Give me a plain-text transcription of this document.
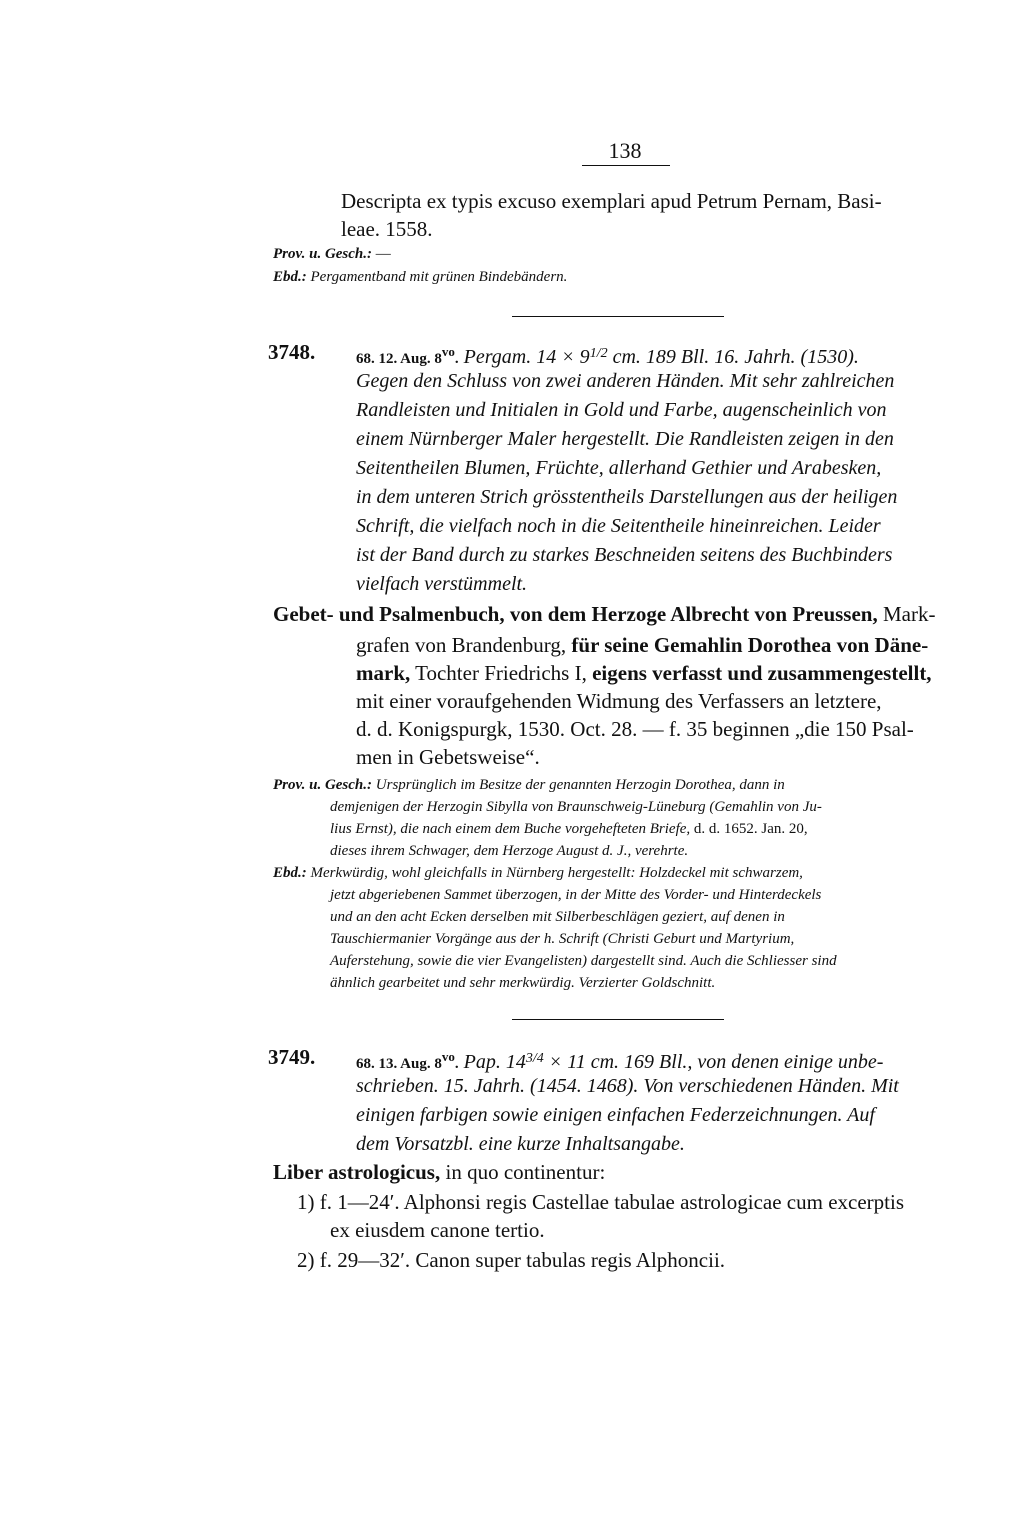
138
Descripta ex typis excuso exemplari apud Petrum Pernam, Basi-
leae. 1558.
Prov. u. Gesch.: —
Ebd.: Pergamentband mit grünen Bindebändern.
3748.	68. 12. Aug. 8vo. Pergam. $14 \times 9^{1/2}$ cm. 189 Bll. 16. Jahrh. (1530).
Gegen den Schluss von zwei anderen Händen. Mit sehr zahlreichen
Randleisten und Initialen in Gold und Farbe, augenscheinlich von
einem Nürnberger Maler hergestellt. Die Randleisten zeigen in den
Seitentheilen Blumen, Früchte, allerhand Gethier und Arabesken,
in dem unteren Strich grösstentheils Darstellungen aus der heiligen
Schrift, die vielfach noch in die Seitentheile hineinreichen. Leider
ist der Band durch zu starkes Beschneiden seitens des Buchbinders
vielfach verstümmelt.
Gebet- und Psalmenbuch, von dem Herzoge Albrecht von Preussen, Mark-
grafen von Brandenburg, für seine Gemahlin Dorothea von Däne-
mark, Tochter Friedrichs I, eigens verfasst und zusammengestellt,
mit einer voraufgehenden Widmung des Verfassers an letztere,
d. d. Konigspurgk, 1530. Oct. 28. — f. 35 beginnen „die 150 Psal-
men in Gebetsweise“.
Prov. u. Gesch.: Ursprünglich im Besitze der genannten Herzogin Dorothea, dann in
demjenigen der Herzogin Sibylla von Braunschweig-Lüneburg (Gemahlin von Ju-
lius Ernst), die nach einem dem Buche vorgehefteten Briefe, d. d. 1652. Jan. 20,
dieses ihrem Schwager, dem Herzoge August d. J., verehrte.
Ebd.: Merkwürdig, wohl gleichfalls in Nürnberg hergestellt: Holzdeckel mit schwarzem,
jetzt abgeriebenen Sammet überzogen, in der Mitte des Vorder- und Hinterdeckels
und an den acht Ecken derselben mit Silberbeschlägen geziert, auf denen in
Tauschiermanier Vorgänge aus der h. Schrift (Christi Geburt und Martyrium,
Auferstehung, sowie die vier Evangelisten) dargestellt sind. Auch die Schliesser sind
ähnlich gearbeitet und sehr merkwürdig. Verzierter Goldschnitt.
3749.	68. 13. Aug. 8vo. Pap. $14^{3/4} \times 11$ cm. 169 Bll., von denen einige unbe-
schrieben. 15. Jahrh. (1454. 1468). Von verschiedenen Händen. Mit
einigen farbigen sowie einigen einfachen Federzeichnungen. Auf
dem Vorsatzbl. eine kurze Inhaltsangabe.
Liber astrologicus, in quo continentur:
1) f. 1—24′. Alphonsi regis Castellae tabulae astrologicae cum excerptis
ex eiusdem canone tertio.
2) f. 29—32′. Canon super tabulas regis Alphoncii.
